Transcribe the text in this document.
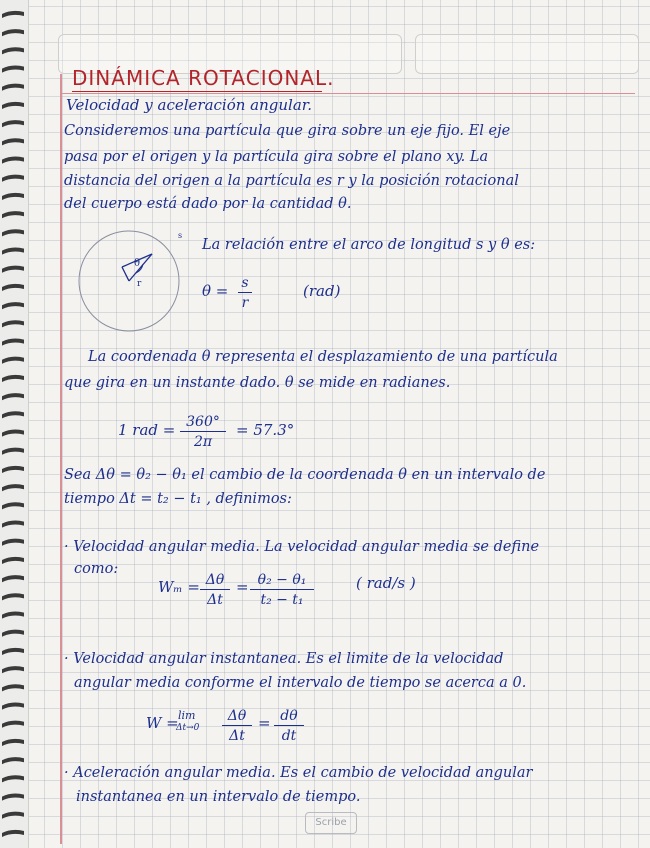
DINÁMICA ROTACIONAL.
Velocidad y aceleración angular.
Consideremos una partícula que gira sobre un eje fijo. El eje
pasa por el origen y la partícula gira sobre el plano xy. La
distancia del origen a la partícula es r y la posición rotacional
del cuerpo está dado por la cantidad θ.
s
θ
r
La relación entre el arco de longitud s y θ es:
θ = s
r
(rad)
La coordenada θ representa el desplazamiento de una partícula
que gira en un instante dado. θ se mide en radianes.
1 rad = 360°
2π
= 57.3°
Sea Δθ = θ₂ − θ₁ el cambio de la coordenada θ en un intervalo de
tiempo Δt = t₂ − t₁ , definimos:
· Velocidad angular media. La velocidad angular media se define
como:
Wₘ = Δθ
Δt
= θ₂ − θ₁
t₂ − t₁
( rad/s )
· Velocidad angular instantanea. Es el limite de la velocidad
angular media conforme el intervalo de tiempo se acerca a 0.
W = lim
Δt→0
Δθ
Δt
= dθ
dt
· Aceleración angular media. Es el cambio de velocidad angular
instantanea en un intervalo de tiempo.
Scribe
